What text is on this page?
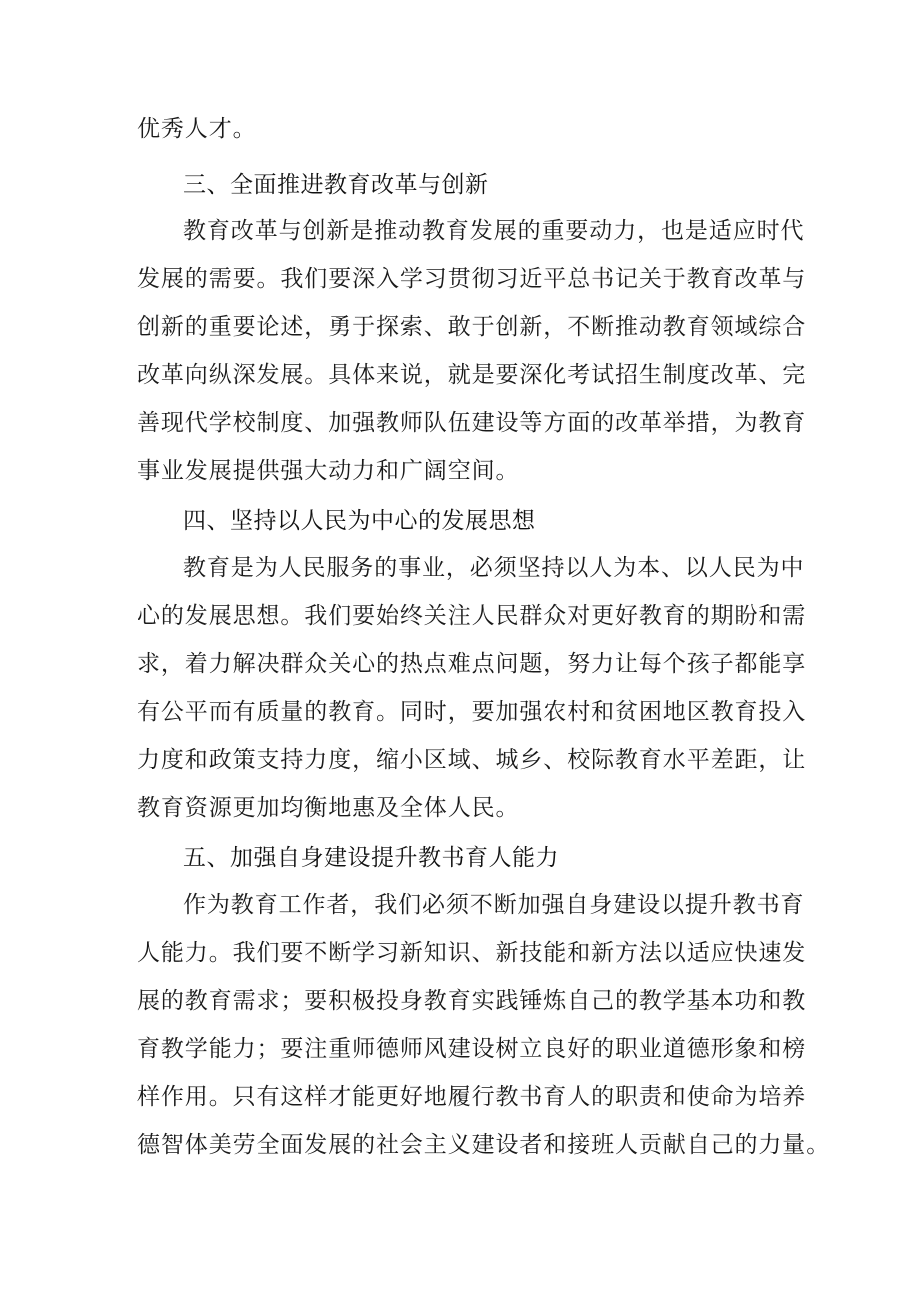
优秀人才。
三、全面推进教育改革与创新
教育改革与创新是推动教育发展的重要动力，也是适应时代
发展的需要。我们要深入学习贯彻习近平总书记关于教育改革与
创新的重要论述，勇于探索、敢于创新，不断推动教育领域综合
改革向纵深发展。具体来说，就是要深化考试招生制度改革、完
善现代学校制度、加强教师队伍建设等方面的改革举措，为教育
事业发展提供强大动力和广阔空间。
四、坚持以人民为中心的发展思想
教育是为人民服务的事业，必须坚持以人为本、以人民为中
心的发展思想。我们要始终关注人民群众对更好教育的期盼和需
求，着力解决群众关心的热点难点问题，努力让每个孩子都能享
有公平而有质量的教育。同时，要加强农村和贫困地区教育投入
力度和政策支持力度，缩小区域、城乡、校际教育水平差距，让
教育资源更加均衡地惠及全体人民。
五、加强自身建设提升教书育人能力
作为教育工作者，我们必须不断加强自身建设以提升教书育
人能力。我们要不断学习新知识、新技能和新方法以适应快速发
展的教育需求；要积极投身教育实践锤炼自己的教学基本功和教
育教学能力；要注重师德师风建设树立良好的职业道德形象和榜
样作用。只有这样才能更好地履行教书育人的职责和使命为培养
德智体美劳全面发展的社会主义建设者和接班人贡献自己的力量。
